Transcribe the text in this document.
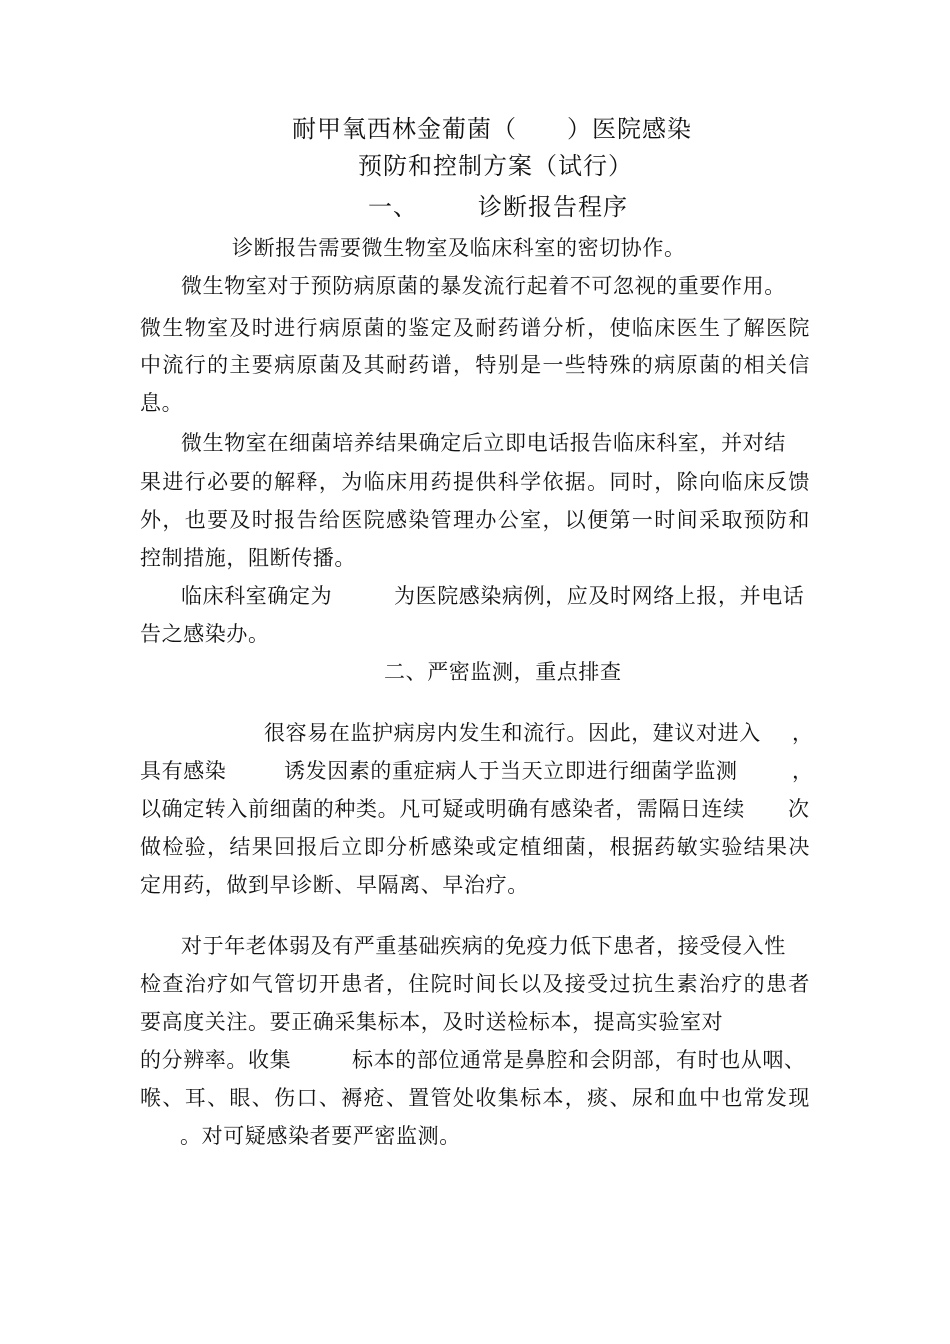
耐甲氧西林金葡菌（　　）医院感染
预防和控制方案（试行）
一、	诊断报告程序
诊断报告需要微生物室及临床科室的密切协作。
微生物室对于预防病原菌的暴发流行起着不可忽视的重要作用。
微生物室及时进行病原菌的鉴定及耐药谱分析，使临床医生了解医院
中流行的主要病原菌及其耐药谱，特别是一些特殊的病原菌的相关信
息。
微生物室在细菌培养结果确定后立即电话报告临床科室，并对结
果进行必要的解释，为临床用药提供科学依据。同时，除向临床反馈
外，也要及时报告给医院感染管理办公室，以便第一时间采取预防和
控制措施，阻断传播。
临床科室确定为	为医院感染病例，应及时网络上报，并电话
告之感染办。
二、严密监测，重点排查
很容易在监护病房内发生和流行。因此，建议对进入 ，
具有感染	诱发因素的重症病人于当天立即进行细菌学监测	，
以确定转入前细菌的种类。凡可疑或明确有感染者，需隔日连续 次
做检验，结果回报后立即分析感染或定植细菌，根据药敏实验结果决
定用药，做到早诊断、早隔离、早治疗。
对于年老体弱及有严重基础疾病的免疫力低下患者，接受侵入性
检查治疗如气管切开患者，住院时间长以及接受过抗生素治疗的患者
要高度关注。要正确采集标本，及时送检标本，提高实验室对
的分辨率。收集	标本的部位通常是鼻腔和会阴部，有时也从咽、
喉、耳、眼、伤口、褥疮、置管处收集标本，痰、尿和血中也常发现
。对可疑感染者要严密监测。
